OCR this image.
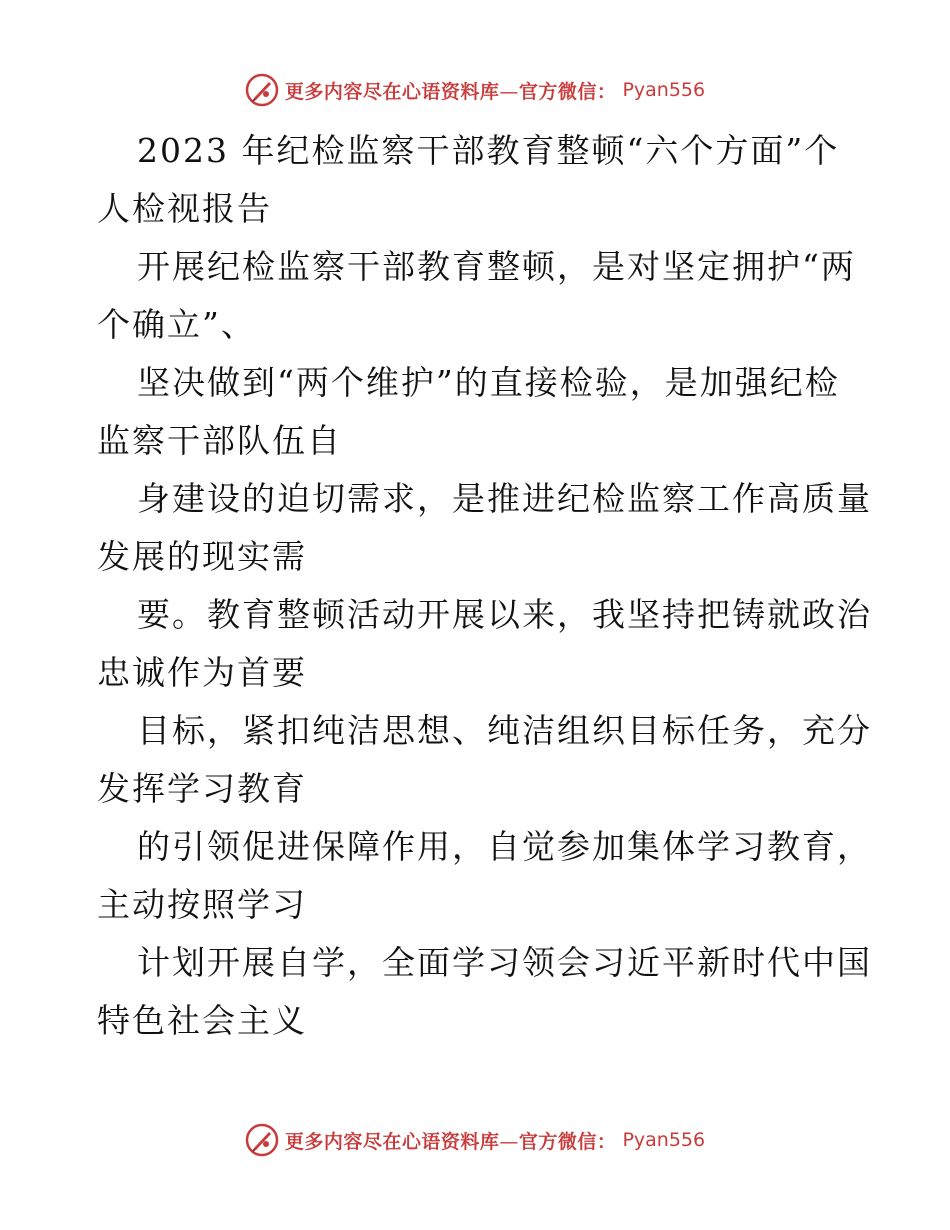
更多内容尽在心语资料库—官方微信： Pyan556
2023 年纪检监察干部教育整顿“六个方面”个
人检视报告
开展纪检监察干部教育整顿，是对坚定拥护“两
个确立”、
坚决做到“两个维护”的直接检验，是加强纪检
监察干部队伍自
身建设的迫切需求，是推进纪检监察工作高质量
发展的现实需
要。教育整顿活动开展以来，我坚持把铸就政治
忠诚作为首要
目标，紧扣纯洁思想、纯洁组织目标任务，充分
发挥学习教育
的引领促进保障作用，自觉参加集体学习教育，
主动按照学习
计划开展自学，全面学习领会习近平新时代中国
特色社会主义
更多内容尽在心语资料库—官方微信： Pyan556
